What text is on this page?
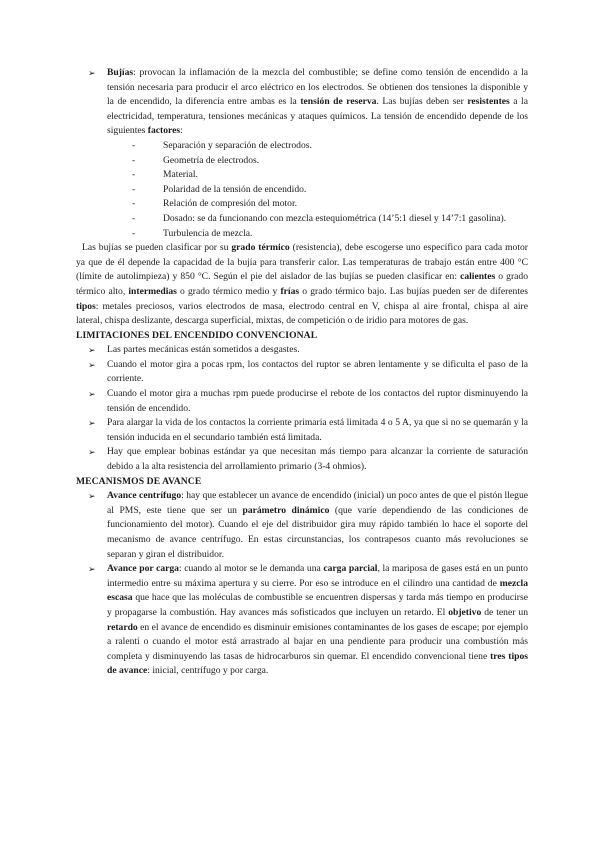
➢ Bujías: provocan la inflamación de la mezcla del combustible; se define como tensión de encendido a la tensión necesaria para producir el arco eléctrico en los electrodos. Se obtienen dos tensiones la disponible y la de encendido, la diferencia entre ambas es la tensión de reserva. Las bujías deben ser resistentes a la electricidad, temperatura, tensiones mecánicas y ataques químicos. La tensión de encendido depende de los siguientes factores:

-	Separación y separación de electrodos.
-	Geometría de electrodos.
-	Material.
-	Polaridad de la tensión de encendido.
-	Relación de compresión del motor.
-	Dosado: se da funcionando con mezcla estequiométrica (14’5:1 diesel y 14’7:1 gasolina).
-	Turbulencia de mezcla.

Las bujías se pueden clasificar por su grado térmico (resistencia), debe escogerse uno específico para cada motor ya que de él depende la capacidad de la bujía para transferir calor. Las temperaturas de trabajo están entre 400 °C (límite de autolimpieza) y 850 °C. Según el pie del aislador de las bujías se pueden clasificar en: calientes o grado térmico alto, intermedias o grado térmico medio y frías o grado térmico bajo. Las bujías pueden ser de diferentes tipos: metales preciosos, varios electrodos de masa, electrodo central en V, chispa al aire frontal, chispa al aire lateral, chispa deslizante, descarga superficial, mixtas, de competición o de iridio para motores de gas.

LIMITACIONES DEL ENCENDIDO CONVENCIONAL

➢ Las partes mecánicas están sometidos a desgastes.

➢ Cuando el motor gira a pocas rpm, los contactos del ruptor se abren lentamente y se dificulta el paso de la corriente.

➢ Cuando el motor gira a muchas rpm puede producirse el rebote de los contactos del ruptor disminuyendo la tensión de encendido.

➢ Para alargar la vida de los contactos la corriente primaria está limitada 4 o 5 A, ya que si no se quemarán y la tensión inducida en el secundario también está limitada.

➢ Hay que emplear bobinas estándar ya que necesitan más tiempo para alcanzar la corriente de saturación debido a la alta resistencia del arrollamiento primario (3-4 ohmios).

MECANISMOS DE AVANCE

➢ Avance centrífugo: hay que establecer un avance de encendido (inicial) un poco antes de que el pistón llegue al PMS, este tiene que ser un parámetro dinámico (que varíe dependiendo de las condiciones de funcionamiento del motor). Cuando el eje del distribuidor gira muy rápido también lo hace el soporte del mecanismo de avance centrífugo. En estas circunstancias, los contrapesos cuanto más revoluciones se separan y giran el distribuidor.

➢ Avance por carga: cuando al motor se le demanda una carga parcial, la mariposa de gases está en un punto intermedio entre su máxima apertura y su cierre. Por eso se introduce en el cilindro una cantidad de mezcla escasa que hace que las moléculas de combustible se encuentren dispersas y tarda más tiempo en producirse y propagarse la combustión. Hay avances más sofisticados que incluyen un retardo. El objetivo de tener un retardo en el avance de encendido es disminuir emisiones contaminantes de los gases de escape; por ejemplo a ralentí o cuando el motor está arrastrado al bajar en una pendiente para producir una combustión más completa y disminuyendo las tasas de hidrocarburos sin quemar. El encendido convencional tiene tres tipos de avance: inicial, centrífugo y por carga.
